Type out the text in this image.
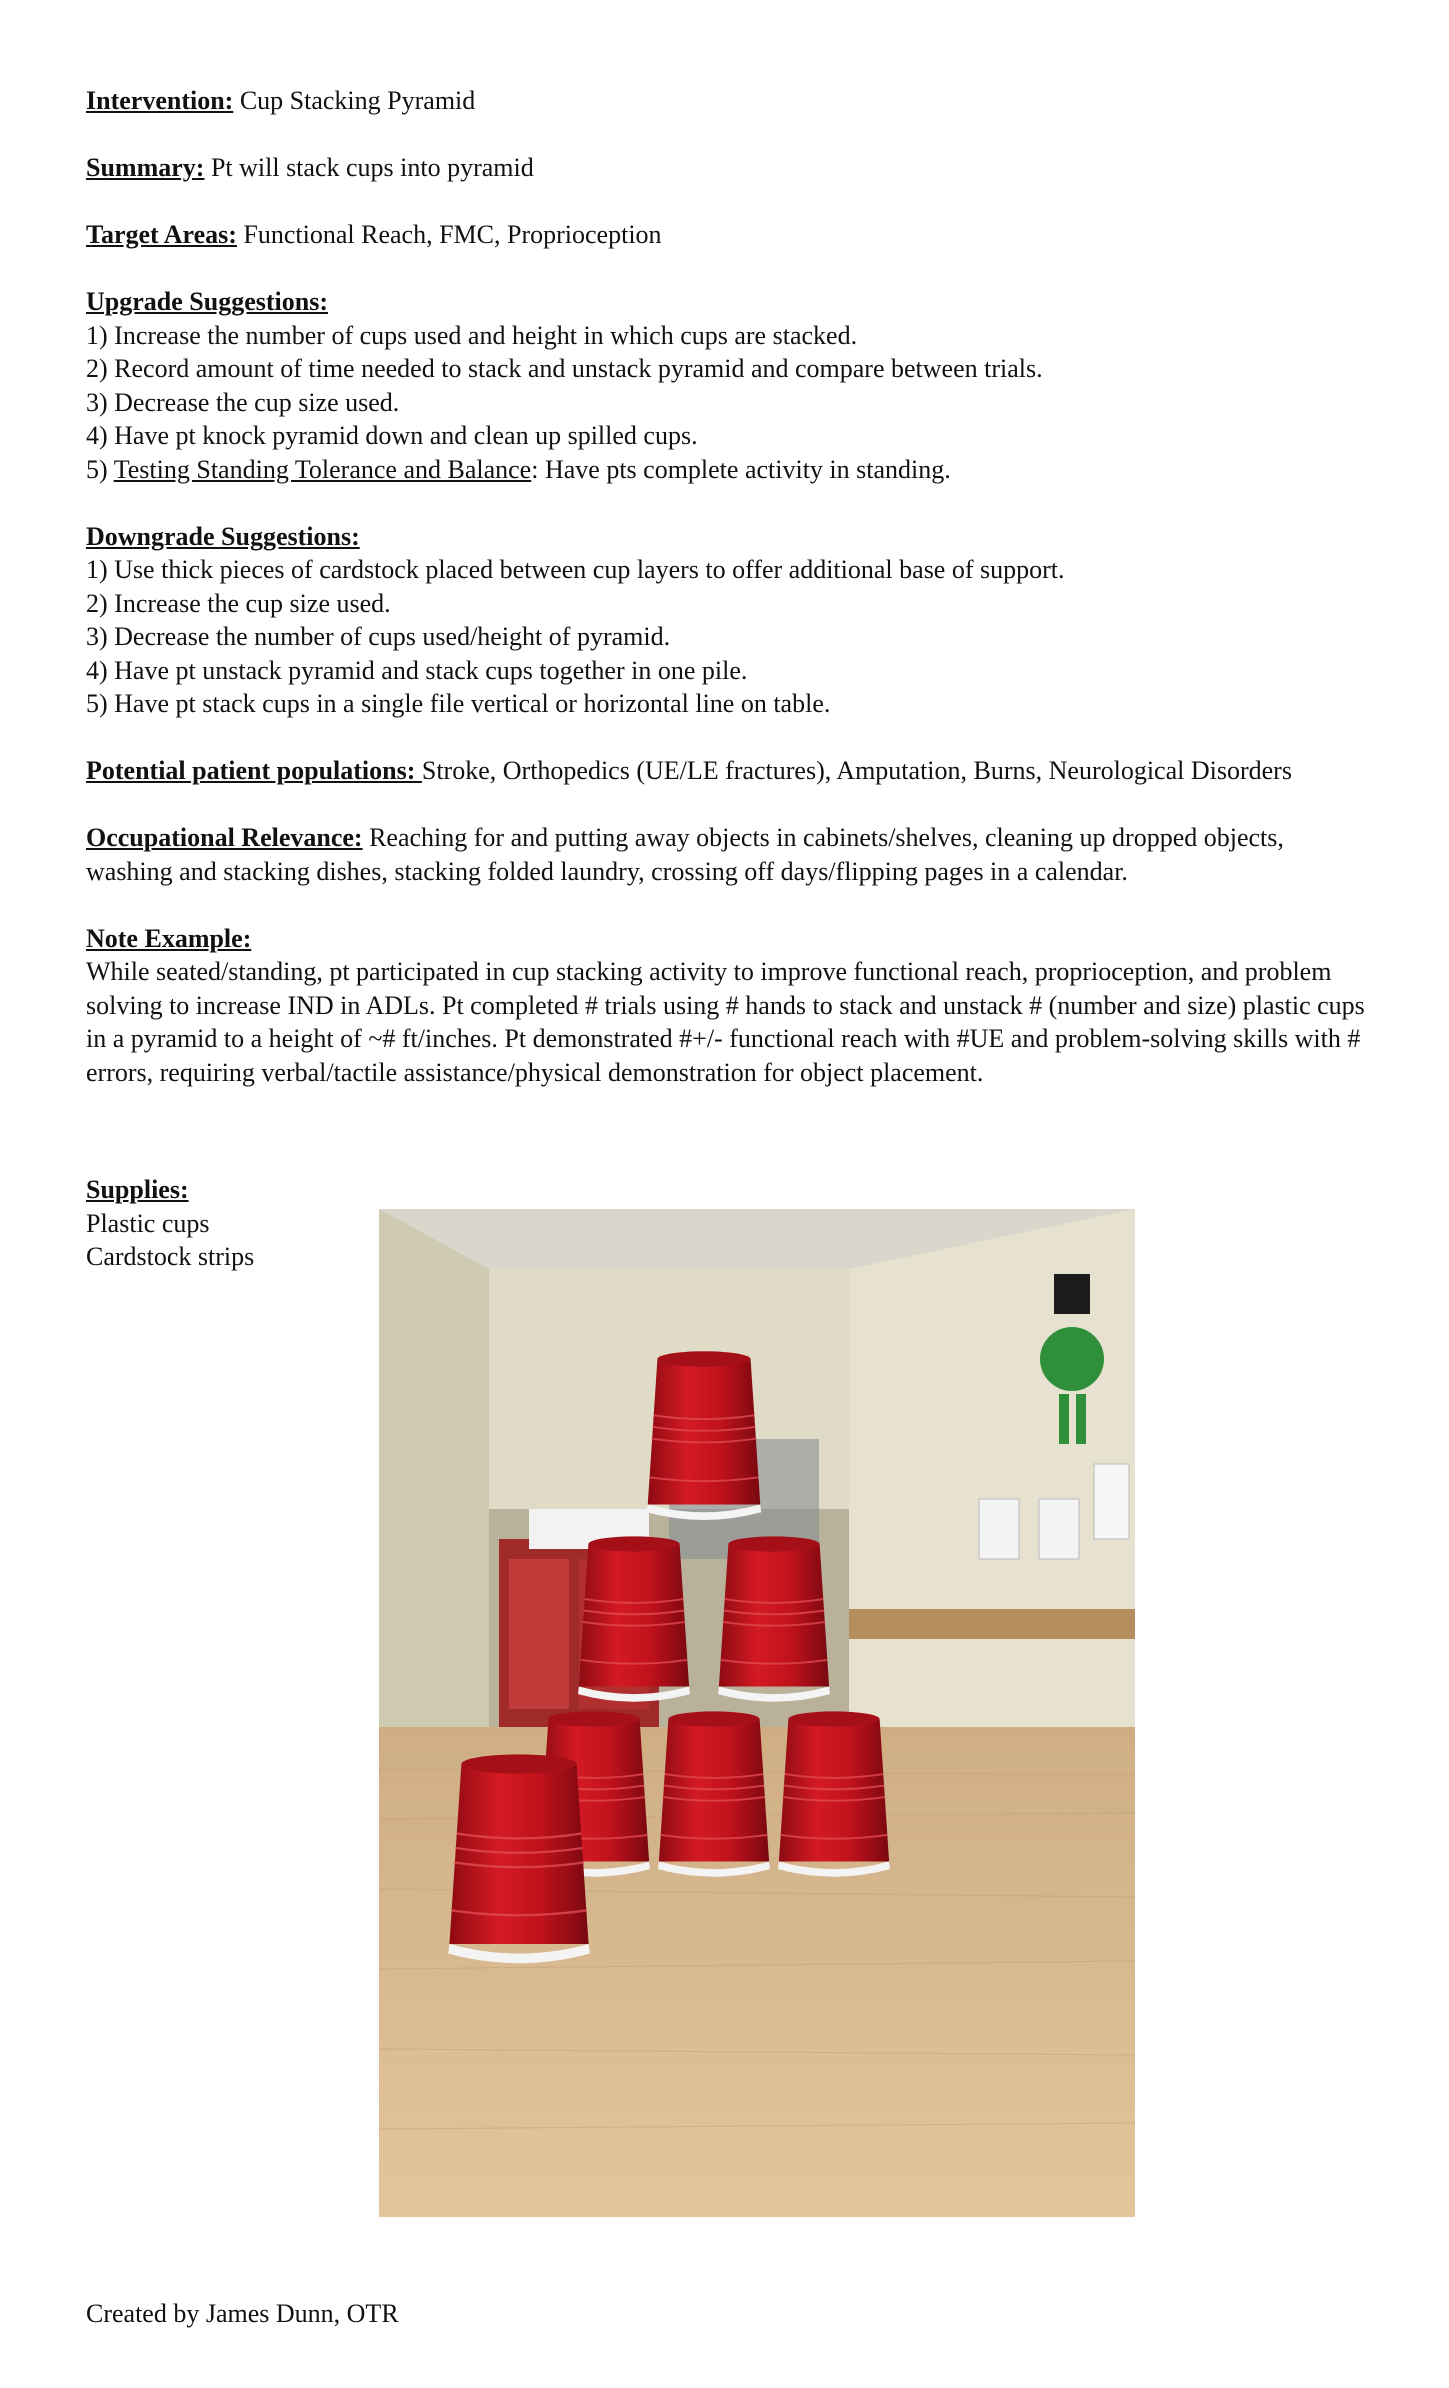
Intervention: Cup Stacking Pyramid
Summary: Pt will stack cups into pyramid
Target Areas: Functional Reach, FMC, Proprioception
Upgrade Suggestions:
1) Increase the number of cups used and height in which cups are stacked.
2) Record amount of time needed to stack and unstack pyramid and compare between trials.
3) Decrease the cup size used.
4) Have pt knock pyramid down and clean up spilled cups.
5) Testing Standing Tolerance and Balance: Have pts complete activity in standing.
Downgrade Suggestions:
1) Use thick pieces of cardstock placed between cup layers to offer additional base of support.
2) Increase the cup size used.
3) Decrease the number of cups used/height of pyramid.
4) Have pt unstack pyramid and stack cups together in one pile.
5) Have pt stack cups in a single file vertical or horizontal line on table.
Potential patient populations: Stroke, Orthopedics (UE/LE fractures), Amputation, Burns, Neurological Disorders
Occupational Relevance: Reaching for and putting away objects in cabinets/shelves, cleaning up dropped objects, washing and stacking dishes, stacking folded laundry, crossing off days/flipping pages in a calendar.
Note Example:
While seated/standing, pt participated in cup stacking activity to improve functional reach, proprioception, and problem solving to increase IND in ADLs. Pt completed # trials using # hands to stack and unstack # (number and size) plastic cups in a pyramid to a height of ~# ft/inches. Pt demonstrated #+/- functional reach with #UE and problem-solving skills with # errors, requiring verbal/tactile assistance/physical demonstration for object placement.
Supplies:
Plastic cups
Cardstock strips
Created by James Dunn, OTR
